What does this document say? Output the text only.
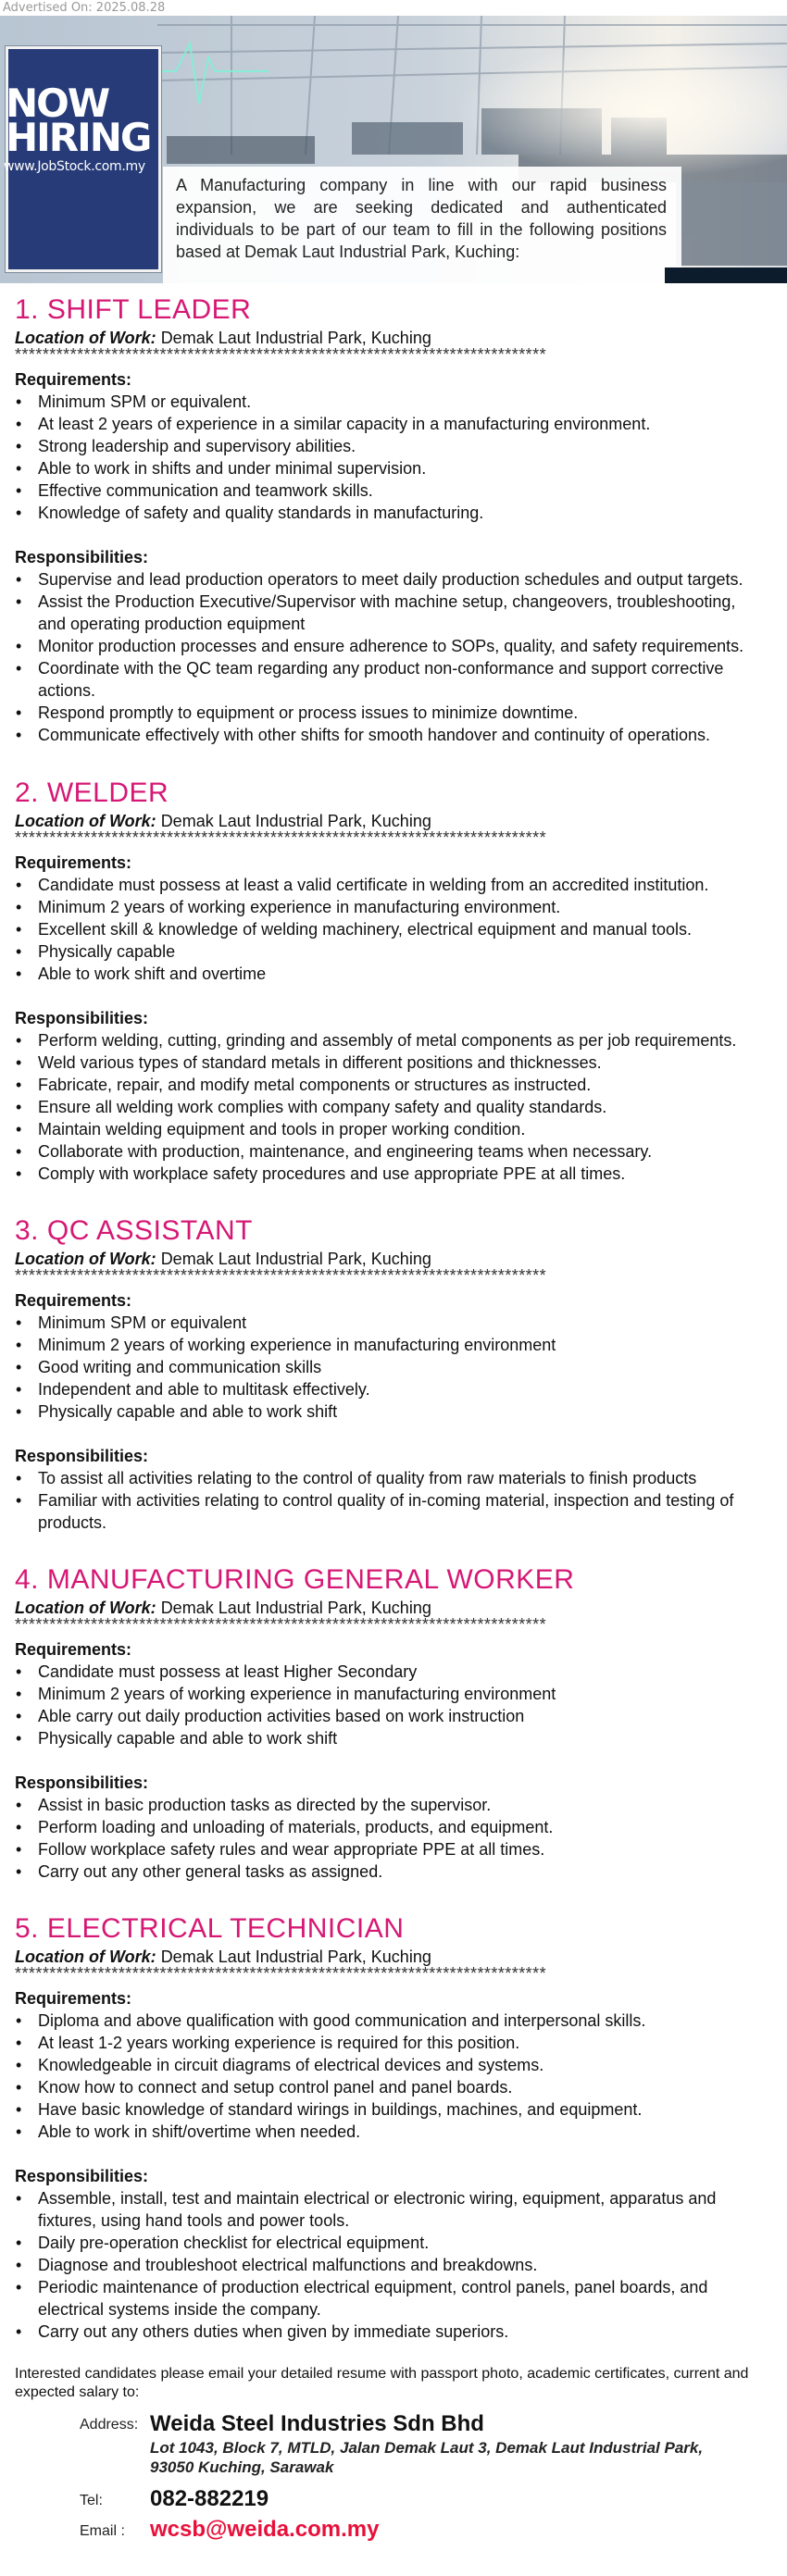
Advertised On: 2025.08.28
NOW HIRING
www.JobStock.com.my
A Manufacturing company in line with our rapid business expansion, we are seeking dedicated and authenticated individuals to be part of our team to fill in the following positions based at Demak Laut Industrial Park, Kuching:
1. SHIFT LEADER
Location of Work: Demak Laut Industrial Park, Kuching
*****************************************************************************
Requirements:
• Minimum SPM or equivalent.
• At least 2 years of experience in a similar capacity in a manufacturing environment.
• Strong leadership and supervisory abilities.
• Able to work in shifts and under minimal supervision.
• Effective communication and teamwork skills.
• Knowledge of safety and quality standards in manufacturing.
Responsibilities:
• Supervise and lead production operators to meet daily production schedules and output targets.
• Assist the Production Executive/Supervisor with machine setup, changeovers, troubleshooting, and operating production equipment
• Monitor production processes and ensure adherence to SOPs, quality, and safety requirements.
• Coordinate with the QC team regarding any product non-conformance and support corrective actions.
• Respond promptly to equipment or process issues to minimize downtime.
• Communicate effectively with other shifts for smooth handover and continuity of operations.
2. WELDER
Location of Work: Demak Laut Industrial Park, Kuching
*****************************************************************************
Requirements:
• Candidate must possess at least a valid certificate in welding from an accredited institution.
• Minimum 2 years of working experience in manufacturing environment.
• Excellent skill & knowledge of welding machinery, electrical equipment and manual tools.
• Physically capable
• Able to work shift and overtime
Responsibilities:
• Perform welding, cutting, grinding and assembly of metal components as per job requirements.
• Weld various types of standard metals in different positions and thicknesses.
• Fabricate, repair, and modify metal components or structures as instructed.
• Ensure all welding work complies with company safety and quality standards.
• Maintain welding equipment and tools in proper working condition.
• Collaborate with production, maintenance, and engineering teams when necessary.
• Comply with workplace safety procedures and use appropriate PPE at all times.
3. QC ASSISTANT
Location of Work: Demak Laut Industrial Park, Kuching
*****************************************************************************
Requirements:
• Minimum SPM or equivalent
• Minimum 2 years of working experience in manufacturing environment
• Good writing and communication skills
• Independent and able to multitask effectively.
• Physically capable and able to work shift
Responsibilities:
• To assist all activities relating to the control of quality from raw materials to finish products
• Familiar with activities relating to control quality of in-coming material, inspection and testing of products.
4. MANUFACTURING GENERAL WORKER
Location of Work: Demak Laut Industrial Park, Kuching
*****************************************************************************
Requirements:
• Candidate must possess at least Higher Secondary
• Minimum 2 years of working experience in manufacturing environment
• Able carry out daily production activities based on work instruction
• Physically capable and able to work shift
Responsibilities:
• Assist in basic production tasks as directed by the supervisor.
• Perform loading and unloading of materials, products, and equipment.
• Follow workplace safety rules and wear appropriate PPE at all times.
• Carry out any other general tasks as assigned.
5. ELECTRICAL TECHNICIAN
Location of Work: Demak Laut Industrial Park, Kuching
*****************************************************************************
Requirements:
• Diploma and above qualification with good communication and interpersonal skills.
• At least 1-2 years working experience is required for this position.
• Knowledgeable in circuit diagrams of electrical devices and systems.
• Know how to connect and setup control panel and panel boards.
• Have basic knowledge of standard wirings in buildings, machines, and equipment.
• Able to work in shift/overtime when needed.
Responsibilities:
• Assemble, install, test and maintain electrical or electronic wiring, equipment, apparatus and fixtures, using hand tools and power tools.
• Daily pre-operation checklist for electrical equipment.
• Diagnose and troubleshoot electrical malfunctions and breakdowns.
• Periodic maintenance of production electrical equipment, control panels, panel boards, and electrical systems inside the company.
• Carry out any others duties when given by immediate superiors.
Interested candidates please email your detailed resume with passport photo, academic certificates, current and expected salary to:
Address: Weida Steel Industries Sdn Bhd
Lot 1043, Block 7, MTLD, Jalan Demak Laut 3, Demak Laut Industrial Park, 93050 Kuching, Sarawak
Tel: 082-882219
Email : wcsb@weida.com.my
